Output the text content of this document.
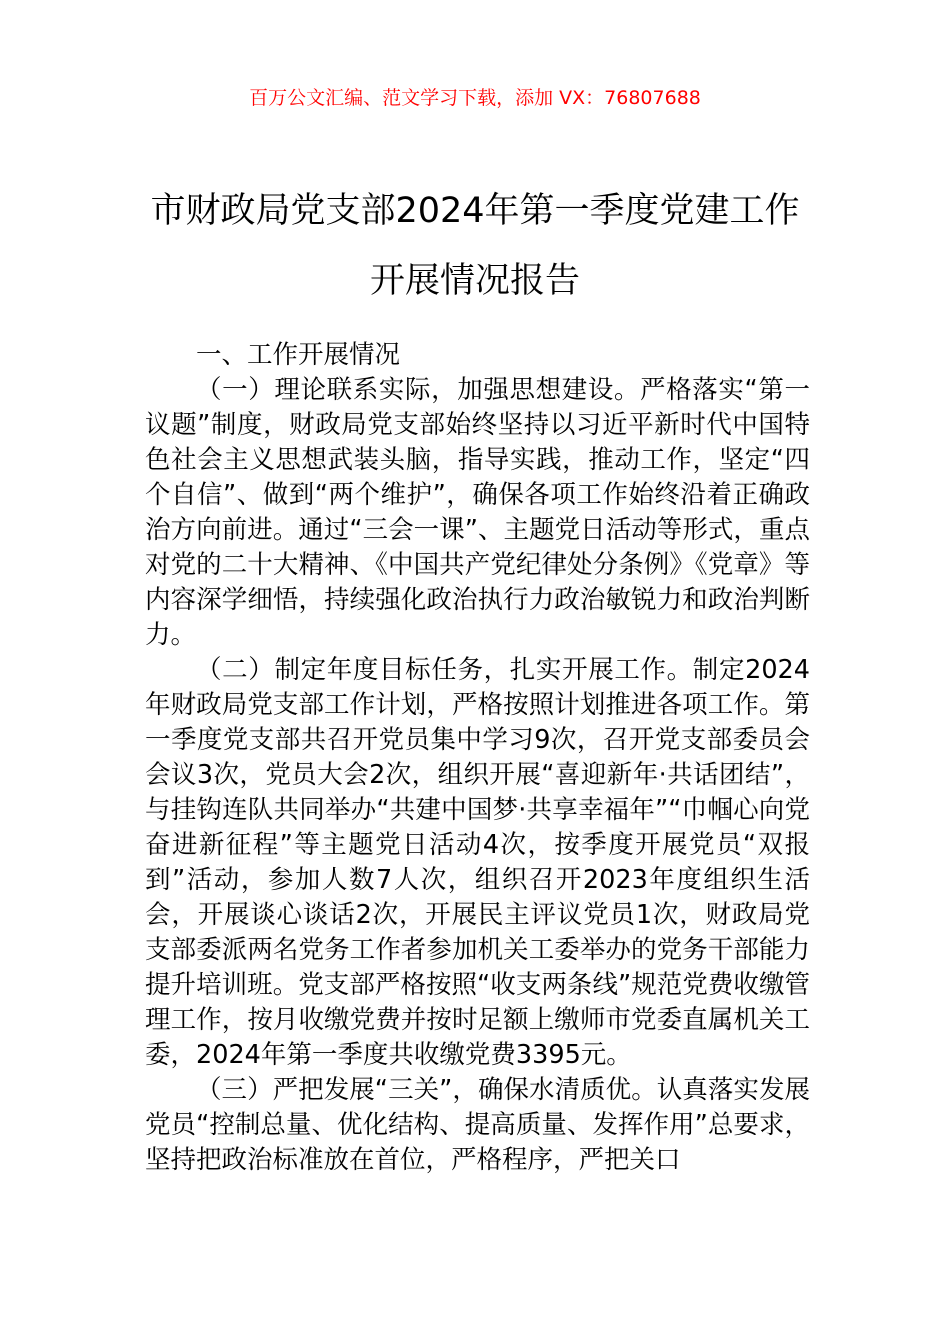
百万公文汇编、范文学习下载，添加 VX：76807688
市财政局党支部2024年第一季度党建工作
开展情况报告
一、工作开展情况

（一）理论联系实际，加强思想建设。严格落实“第一议题”制度，财政局党支部始终坚持以习近平新时代中国特色社会主义思想武装头脑，指导实践，推动工作，坚定“四个自信”、做到“两个维护”，确保各项工作始终沿着正确政治方向前进。通过“三会一课”、主题党日活动等形式，重点对党的二十大精神、《中国共产党纪律处分条例》《党章》等内容深学细悟，持续强化政治执行力政治敏锐力和政治判断力。

（二）制定年度目标任务，扎实开展工作。制定2024年财政局党支部工作计划，严格按照计划推进各项工作。第一季度党支部共召开党员集中学习9次，召开党支部委员会会议3次，党员大会2次，组织开展“喜迎新年·共话团结”，与挂钩连队共同举办“共建中国梦·共享幸福年”“巾帼心向党奋进新征程”等主题党日活动4次，按季度开展党员“双报到”活动，参加人数7人次，组织召开2023年度组织生活会，开展谈心谈话2次，开展民主评议党员1次，财政局党支部委派两名党务工作者参加机关工委举办的党务干部能力提升培训班。党支部严格按照“收支两条线”规范党费收缴管理工作，按月收缴党费并按时足额上缴师市党委直属机关工委，2024年第一季度共收缴党费3395元。

（三）严把发展“三关”，确保水清质优。认真落实发展党员“控制总量、优化结构、提高质量、发挥作用”总要求，坚持把政治标准放在首位，严格程序，严把关口
